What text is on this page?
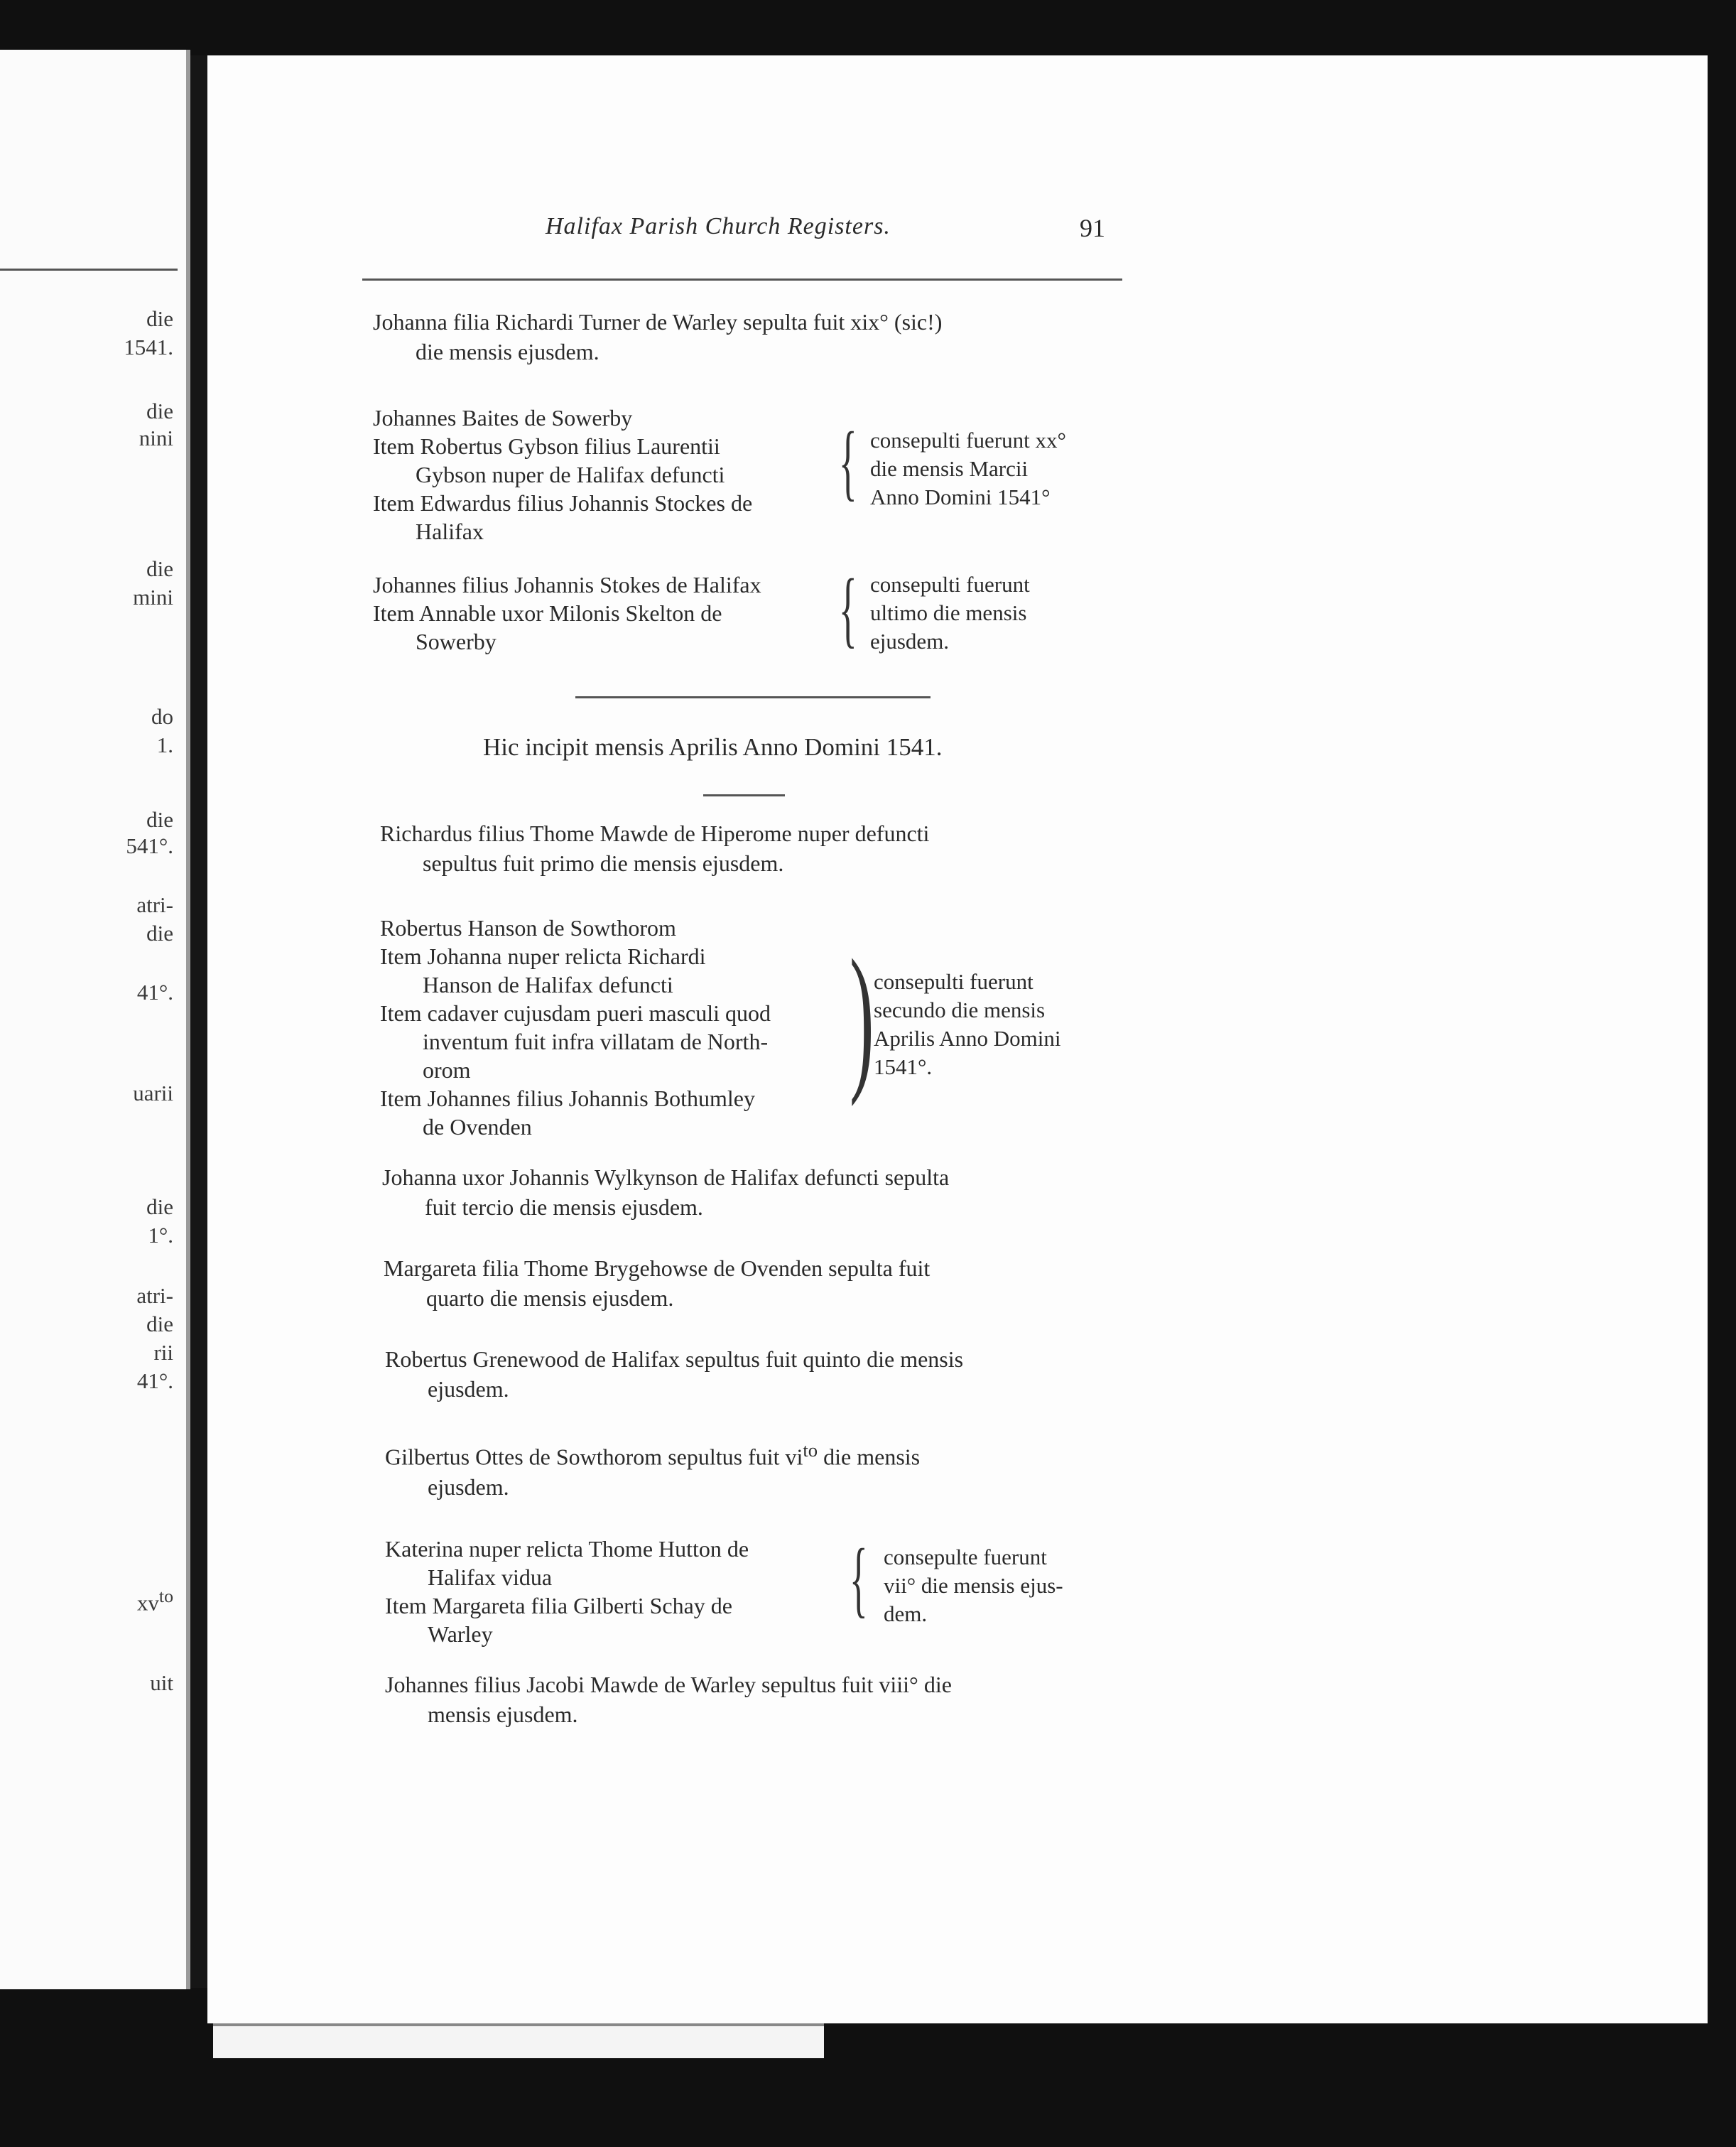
die
1541.
die
nini
die
mini
do
1.
die
541°.
atri-
die
41°.
uarii
die
1°.
atri-
die
rii
41°.
$xv^{to}$
uit
Halifax Parish Church Registers.	91
Johanna filia Richardi Turner de Warley sepulta fuit xix° (sic!)
die mensis ejusdem.
Johannes Baites de Sowerby
Item Robertus Gybson filius Laurentii
Gybson nuper de Halifax defuncti
Item Edwardus filius Johannis Stockes de
Halifax
{ consepulti fuerunt xx°
die mensis Marcii
Anno Domini 1541°
Johannes filius Johannis Stokes de Halifax
Item Annable uxor Milonis Skelton de
Sowerby	{ consepulti fuerunt
ultimo die mensis
ejusdem.
Hic incipit mensis Aprilis Anno Domini 1541.
Richardus filius Thome Mawde de Hiperome nuper defuncti
sepultus fuit primo die mensis ejusdem.
Robertus Hanson de Sowthorom
Item Johanna nuper relicta Richardi
Hanson de Halifax defuncti
Item cadaver cujusdam pueri masculi quod
inventum fuit infra villatam de North-
orom
Item Johannes filius Johannis Bothumley
de Ovenden
) consepulti fuerunt
secundo die mensis
Aprilis Anno Domini
1541°.
Johanna uxor Johannis Wylkynson de Halifax defuncti sepulta
fuit tercio die mensis ejusdem.
Margareta filia Thome Brygehowse de Ovenden sepulta fuit
quarto die mensis ejusdem.
Robertus Grenewood de Halifax sepultus fuit quinto die mensis
ejusdem.
Gilbertus Ottes de Sowthorom sepultus fuit $vi^{to}$ die mensis
ejusdem.
Katerina nuper relicta Thome Hutton de
Halifax vidua
Item Margareta filia Gilberti Schay de
Warley
{ consepulte fuerunt
vii° die mensis ejus-
dem.
Johannes filius Jacobi Mawde de Warley sepultus fuit viii° die
mensis ejusdem.
